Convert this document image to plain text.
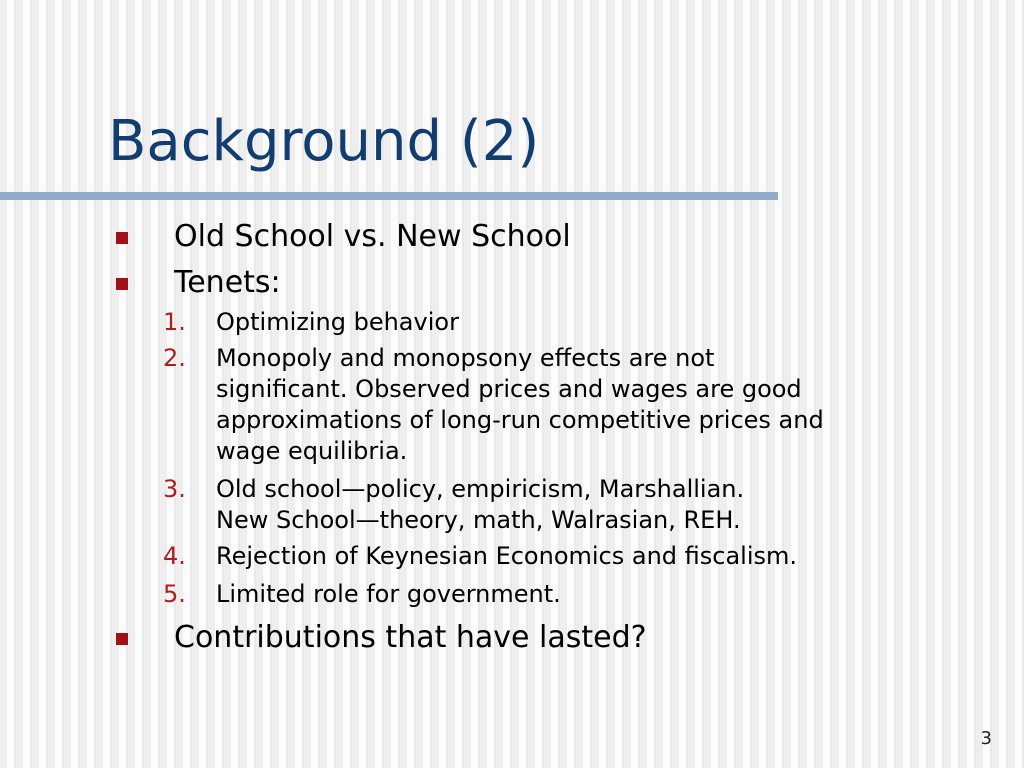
Background (2)
Old School vs. New School
Tenets:
1. Optimizing behavior
2. Monopoly and monopsony effects are not
significant. Observed prices and wages are good
approximations of long-run competitive prices and
wage equilibria.
3. Old school—policy, empiricism, Marshallian.
New School—theory, math, Walrasian, REH.
4. Rejection of Keynesian Economics and fiscalism.
5. Limited role for government.
Contributions that have lasted?
3
